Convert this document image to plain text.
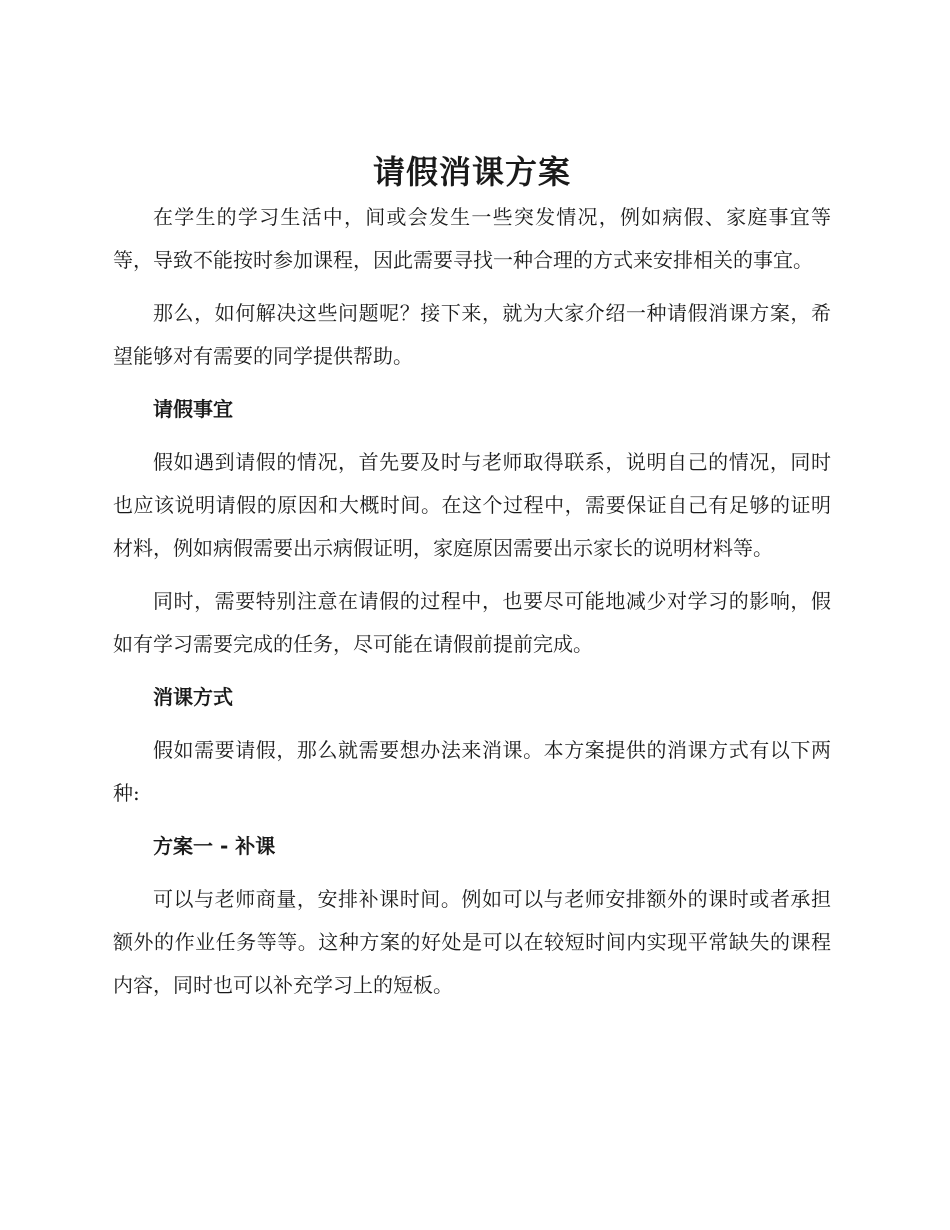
请假消课方案

在学生的学习生活中，间或会发生一些突发情况，例如病假、家庭事宜等等，导致不能按时参加课程，因此需要寻找一种合理的方式来安排相关的事宜。

那么，如何解决这些问题呢？接下来，就为大家介绍一种请假消课方案，希望能够对有需要的同学提供帮助。

请假事宜

假如遇到请假的情况，首先要及时与老师取得联系，说明自己的情况，同时也应该说明请假的原因和大概时间。在这个过程中，需要保证自己有足够的证明材料，例如病假需要出示病假证明，家庭原因需要出示家长的说明材料等。

同时，需要特别注意在请假的过程中，也要尽可能地减少对学习的影响，假如有学习需要完成的任务，尽可能在请假前提前完成。

消课方式

假如需要请假，那么就需要想办法来消课。本方案提供的消课方式有以下两种:

方案一 - 补课

可以与老师商量，安排补课时间。例如可以与老师安排额外的课时或者承担额外的作业任务等等。这种方案的好处是可以在较短时间内实现平常缺失的课程内容，同时也可以补充学习上的短板。
